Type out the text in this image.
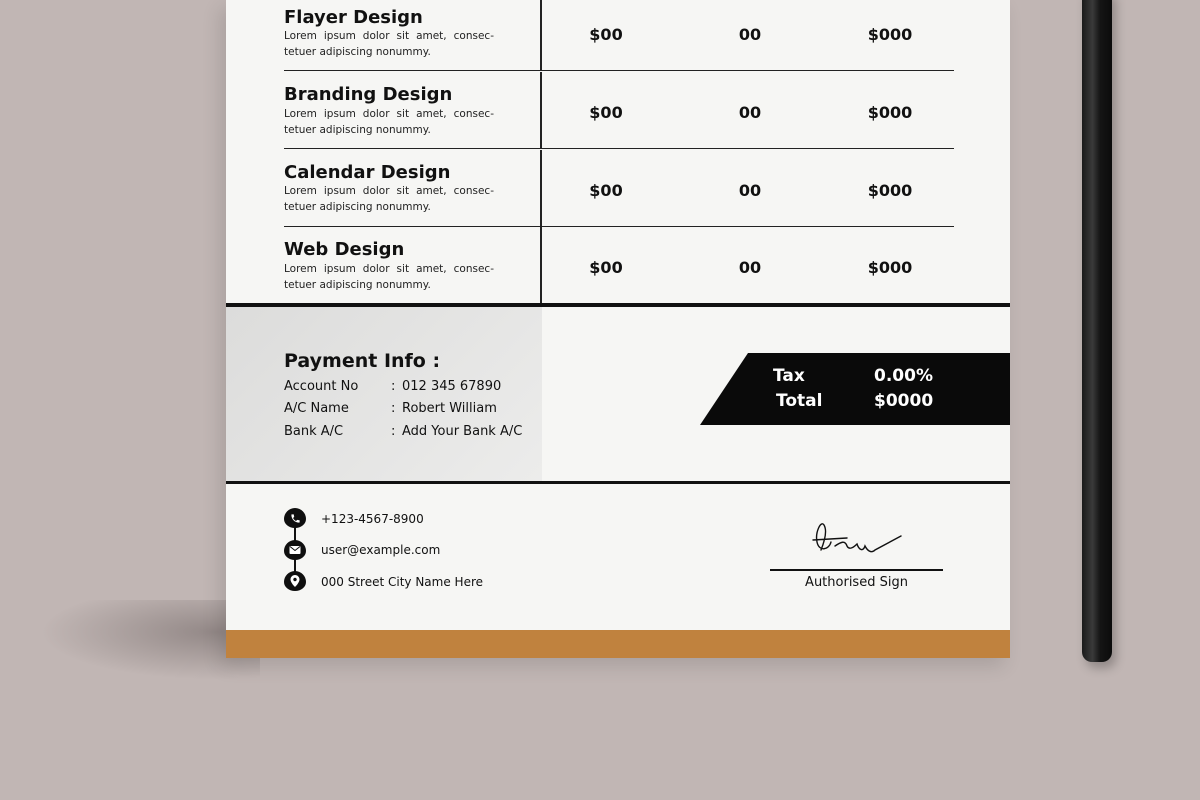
Flayer Design
Lorem ipsum dolor sit amet, consec- tetuer adipiscing nonummy.
$00	00	$000
Branding Design
Lorem ipsum dolor sit amet, consec- tetuer adipiscing nonummy.
$00	00	$000
Calendar Design
Lorem ipsum dolor sit amet, consec- tetuer adipiscing nonummy.
$00	00	$000
Web Design
Lorem ipsum dolor sit amet, consec- tetuer adipiscing nonummy.
$00	00	$000
Payment Info :
Account No	: 012 345 67890
A/C Name	: Robert William
Bank A/C	: Add Your Bank A/C
Tax	0.00%
Total	$0000
+123-4567-8900
user@example.com
000 Street City Name Here	Authorised Sign
